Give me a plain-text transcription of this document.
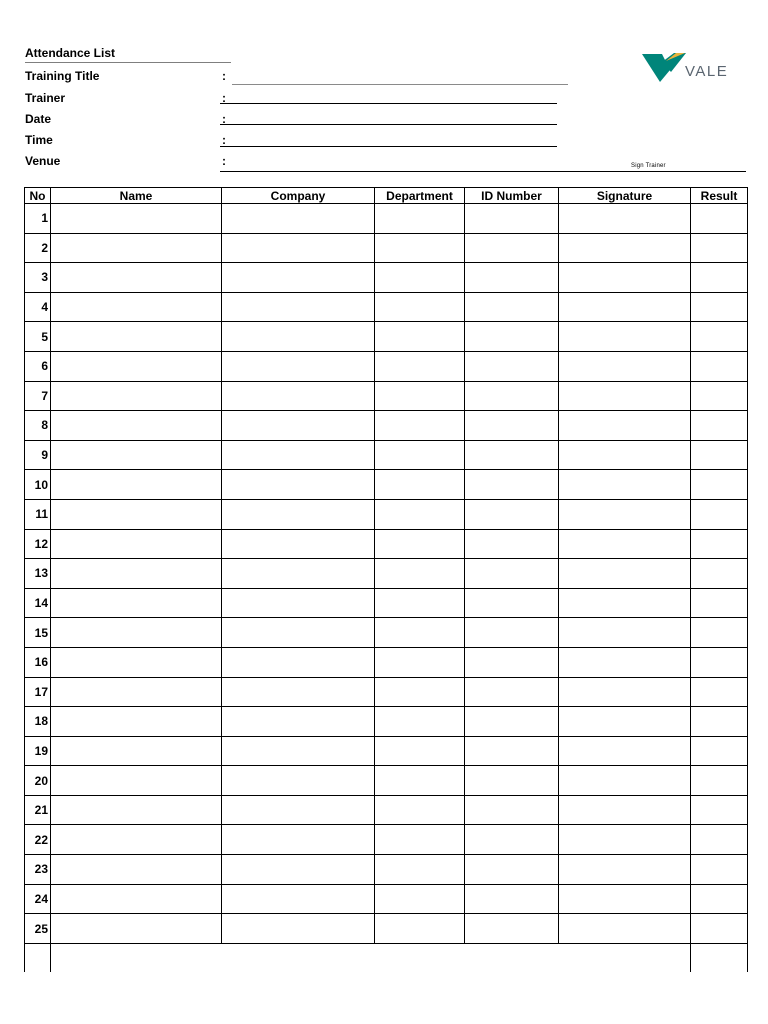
Attendance List
Training Title	:
Trainer	:
Date	:
Time	:
Venue	:	Sign Trainer
VALE
No	Name	Company	Department	ID Number	Signature	Result
1						
2						
3						
4						
5						
6						
7						
8						
9						
10						
11						
12						
13						
14						
15						
16						
17						
18						
19						
20						
21						
22						
23						
24						
25						
